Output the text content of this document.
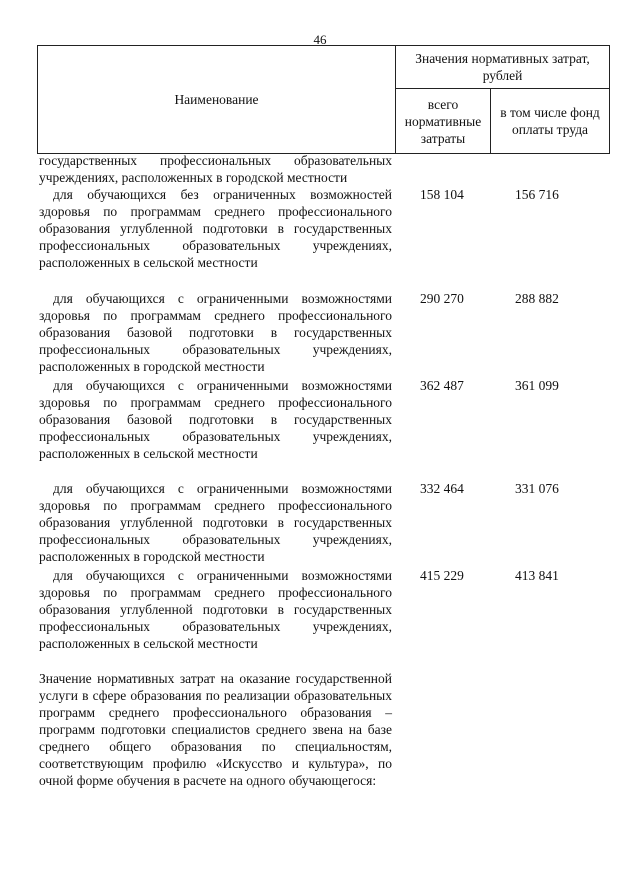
46
Наименование	Значения нормативных затрат, рублей	
	всего нормативные затраты	в том числе фонд оплаты труда
государственных профессиональных образовательных учреждениях, расположенных в городской местности
для обучающихся без ограниченных возможностей здоровья по программам среднего профессионального образования углубленной подготовки в государственных профессиональных образовательных учреждениях, расположенных в сельской местности
158 104	156 716
для обучающихся с ограниченными возможностями здоровья по программам среднего профессионального образования базовой подготовки в государственных профессиональных образовательных учреждениях, расположенных в городской местности
290 270	288 882
для обучающихся с ограниченными возможностями здоровья по программам среднего профессионального образования базовой подготовки в государственных профессиональных образовательных учреждениях, расположенных в сельской местности
362 487	361 099
для обучающихся с ограниченными возможностями здоровья по программам среднего профессионального образования углубленной подготовки в государственных профессиональных образовательных учреждениях, расположенных в городской местности
332 464	331 076
для обучающихся с ограниченными возможностями здоровья по программам среднего профессионального образования углубленной подготовки в государственных профессиональных образовательных учреждениях, расположенных в сельской местности
415 229	413 841
Значение нормативных затрат на оказание государственной услуги в сфере образования по реализации образовательных программ среднего профессионального образования – программ подготовки специалистов среднего звена на базе среднего общего образования по специальностям, соответствующим профилю «Искусство и культура», по очной форме обучения в расчете на одного обучающегося:
